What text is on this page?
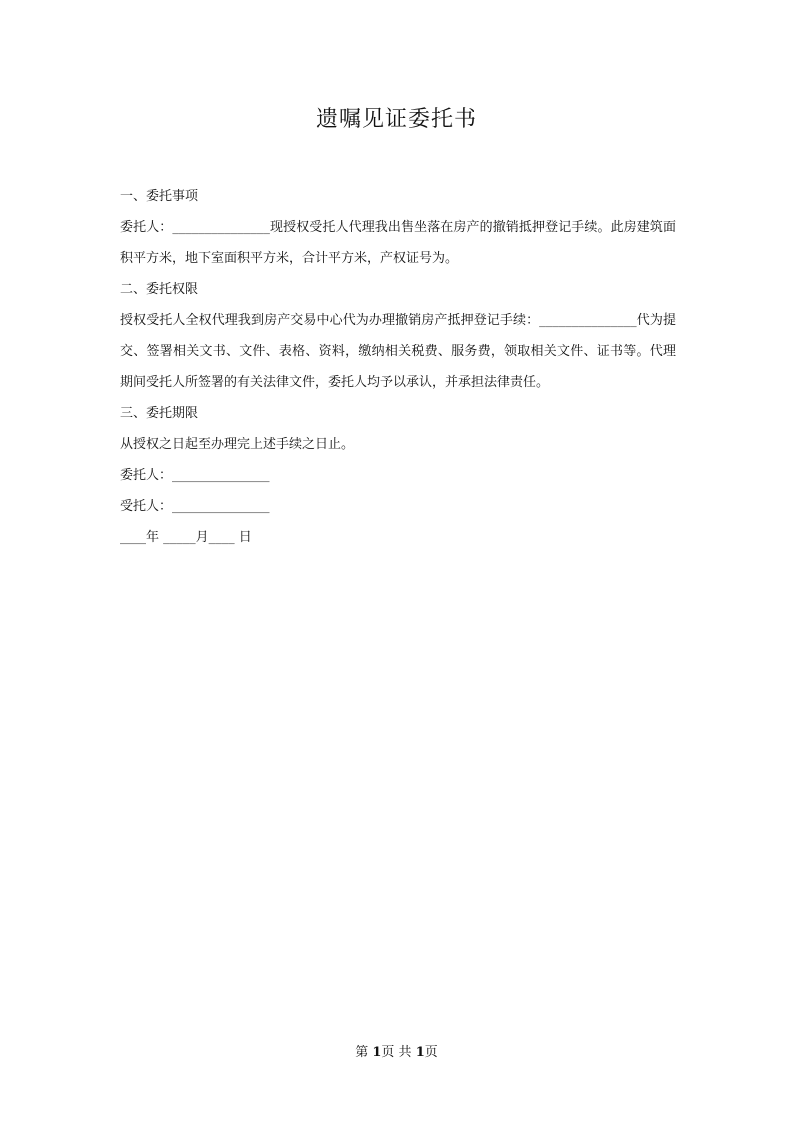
遗嘱见证委托书

一、委托事项

委托人：_______________现授权受托人代理我出售坐落在房产的撤销抵押登记手续。此房建筑面积平方米，地下室面积平方米，合计平方米，产权证号为。

二、委托权限

授权受托人全权代理我到房产交易中心代为办理撤销房产抵押登记手续：_______________代为提交、签署相关文书、文件、表格、资料，缴纳相关税费、服务费，领取相关文件、证书等。代理期间受托人所签署的有关法律文件，委托人均予以承认，并承担法律责任。

三、委托期限

从授权之日起至办理完上述手续之日止。

委托人：_______________

受托人：_______________

____年 _____月____ 日

第 1页 共 1页
